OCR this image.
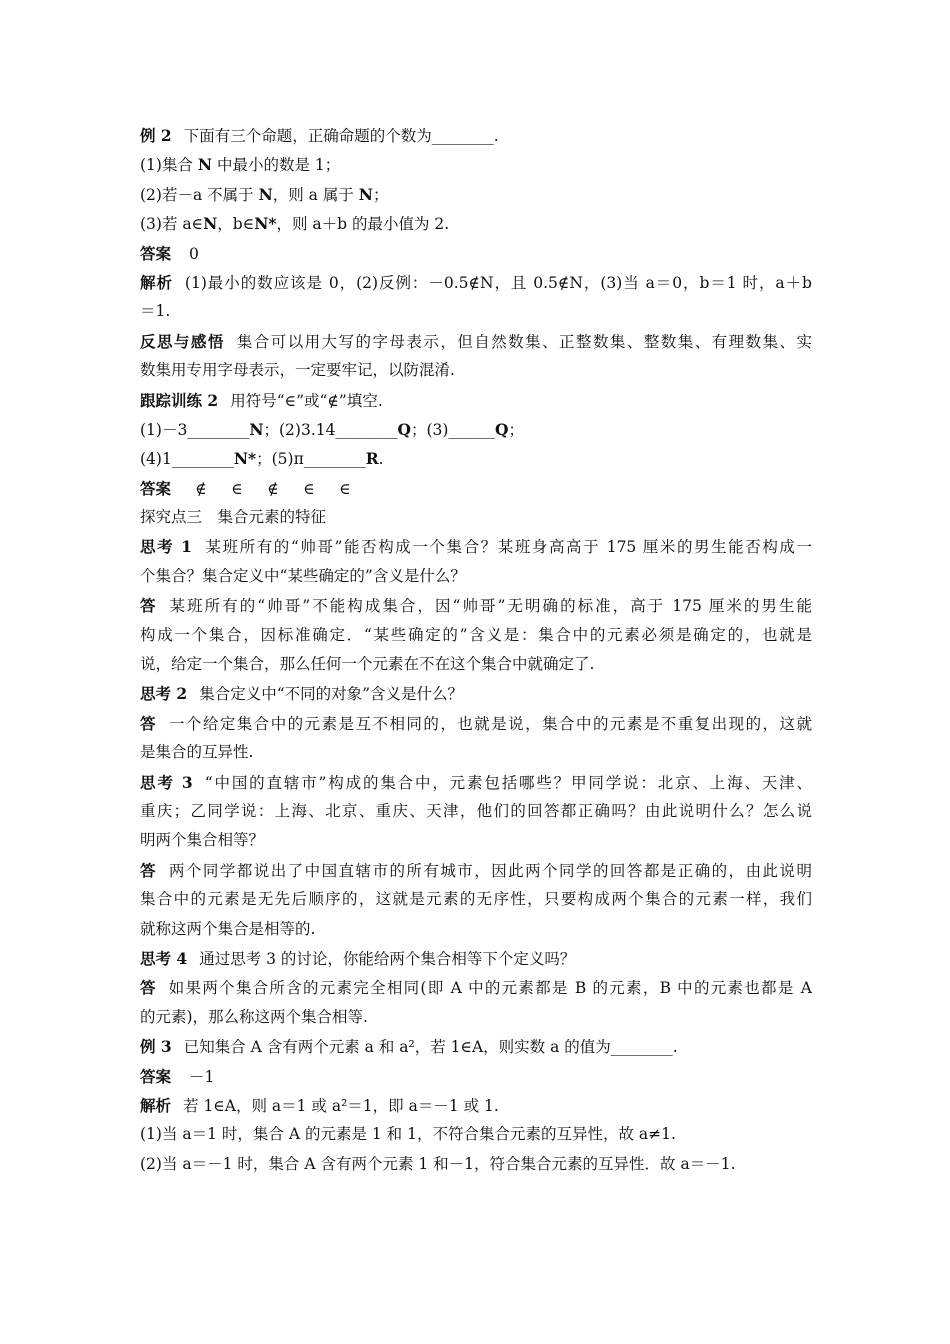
例 2 下面有三个命题，正确命题的个数为________.
(1)集合 N 中最小的数是 1；
(2)若－a 不属于 N，则 a 属于 N；
(3)若 a∈N，b∈N*，则 a＋b 的最小值为 2.
答案 0
解析 (1)最小的数应该是 0，(2)反例：－0.5∉N，且 0.5∉N，(3)当 a＝0，b＝1 时，a＋b
＝1.
反思与感悟 集合可以用大写的字母表示，但自然数集、正整数集、整数集、有理数集、实
数集用专用字母表示，一定要牢记，以防混淆.
跟踪训练 2 用符号“∈”或“∉”填空.
(1)－3________N；(2)3.14________Q；(3)______Q；
(4)1________N*；(5)π________R.
答案 ∉ ∈ ∉ ∈ ∈
探究点三　集合元素的特征
思考 1 某班所有的“帅哥”能否构成一个集合？某班身高高于 175 厘米的男生能否构成一
个集合？集合定义中“某些确定的”含义是什么？
答 某班所有的“帅哥”不能构成集合，因“帅哥”无明确的标准，高于 175 厘米的男生能
构成一个集合，因标准确定．“某些确定的”含义是：集合中的元素必须是确定的，也就是
说，给定一个集合，那么任何一个元素在不在这个集合中就确定了.
思考 2 集合定义中“不同的对象”含义是什么？
答 一个给定集合中的元素是互不相同的，也就是说，集合中的元素是不重复出现的，这就
是集合的互异性.
思考 3 “中国的直辖市”构成的集合中，元素包括哪些？甲同学说：北京、上海、天津、
重庆；乙同学说：上海、北京、重庆、天津，他们的回答都正确吗？由此说明什么？怎么说
明两个集合相等？
答 两个同学都说出了中国直辖市的所有城市，因此两个同学的回答都是正确的，由此说明
集合中的元素是无先后顺序的，这就是元素的无序性，只要构成两个集合的元素一样，我们
就称这两个集合是相等的.
思考 4 通过思考 3 的讨论，你能给两个集合相等下个定义吗？
答 如果两个集合所含的元素完全相同(即 A 中的元素都是 B 的元素，B 中的元素也都是 A
的元素)，那么称这两个集合相等.
例 3 已知集合 A 含有两个元素 a 和 a²，若 1∈A，则实数 a 的值为________.
答案 －1
解析 若 1∈A，则 a＝1 或 a²＝1，即 a＝－1 或 1.
(1)当 a＝1 时，集合 A 的元素是 1 和 1，不符合集合元素的互异性，故 a≠1.
(2)当 a＝－1 时，集合 A 含有两个元素 1 和－1，符合集合元素的互异性．故 a＝－1.
